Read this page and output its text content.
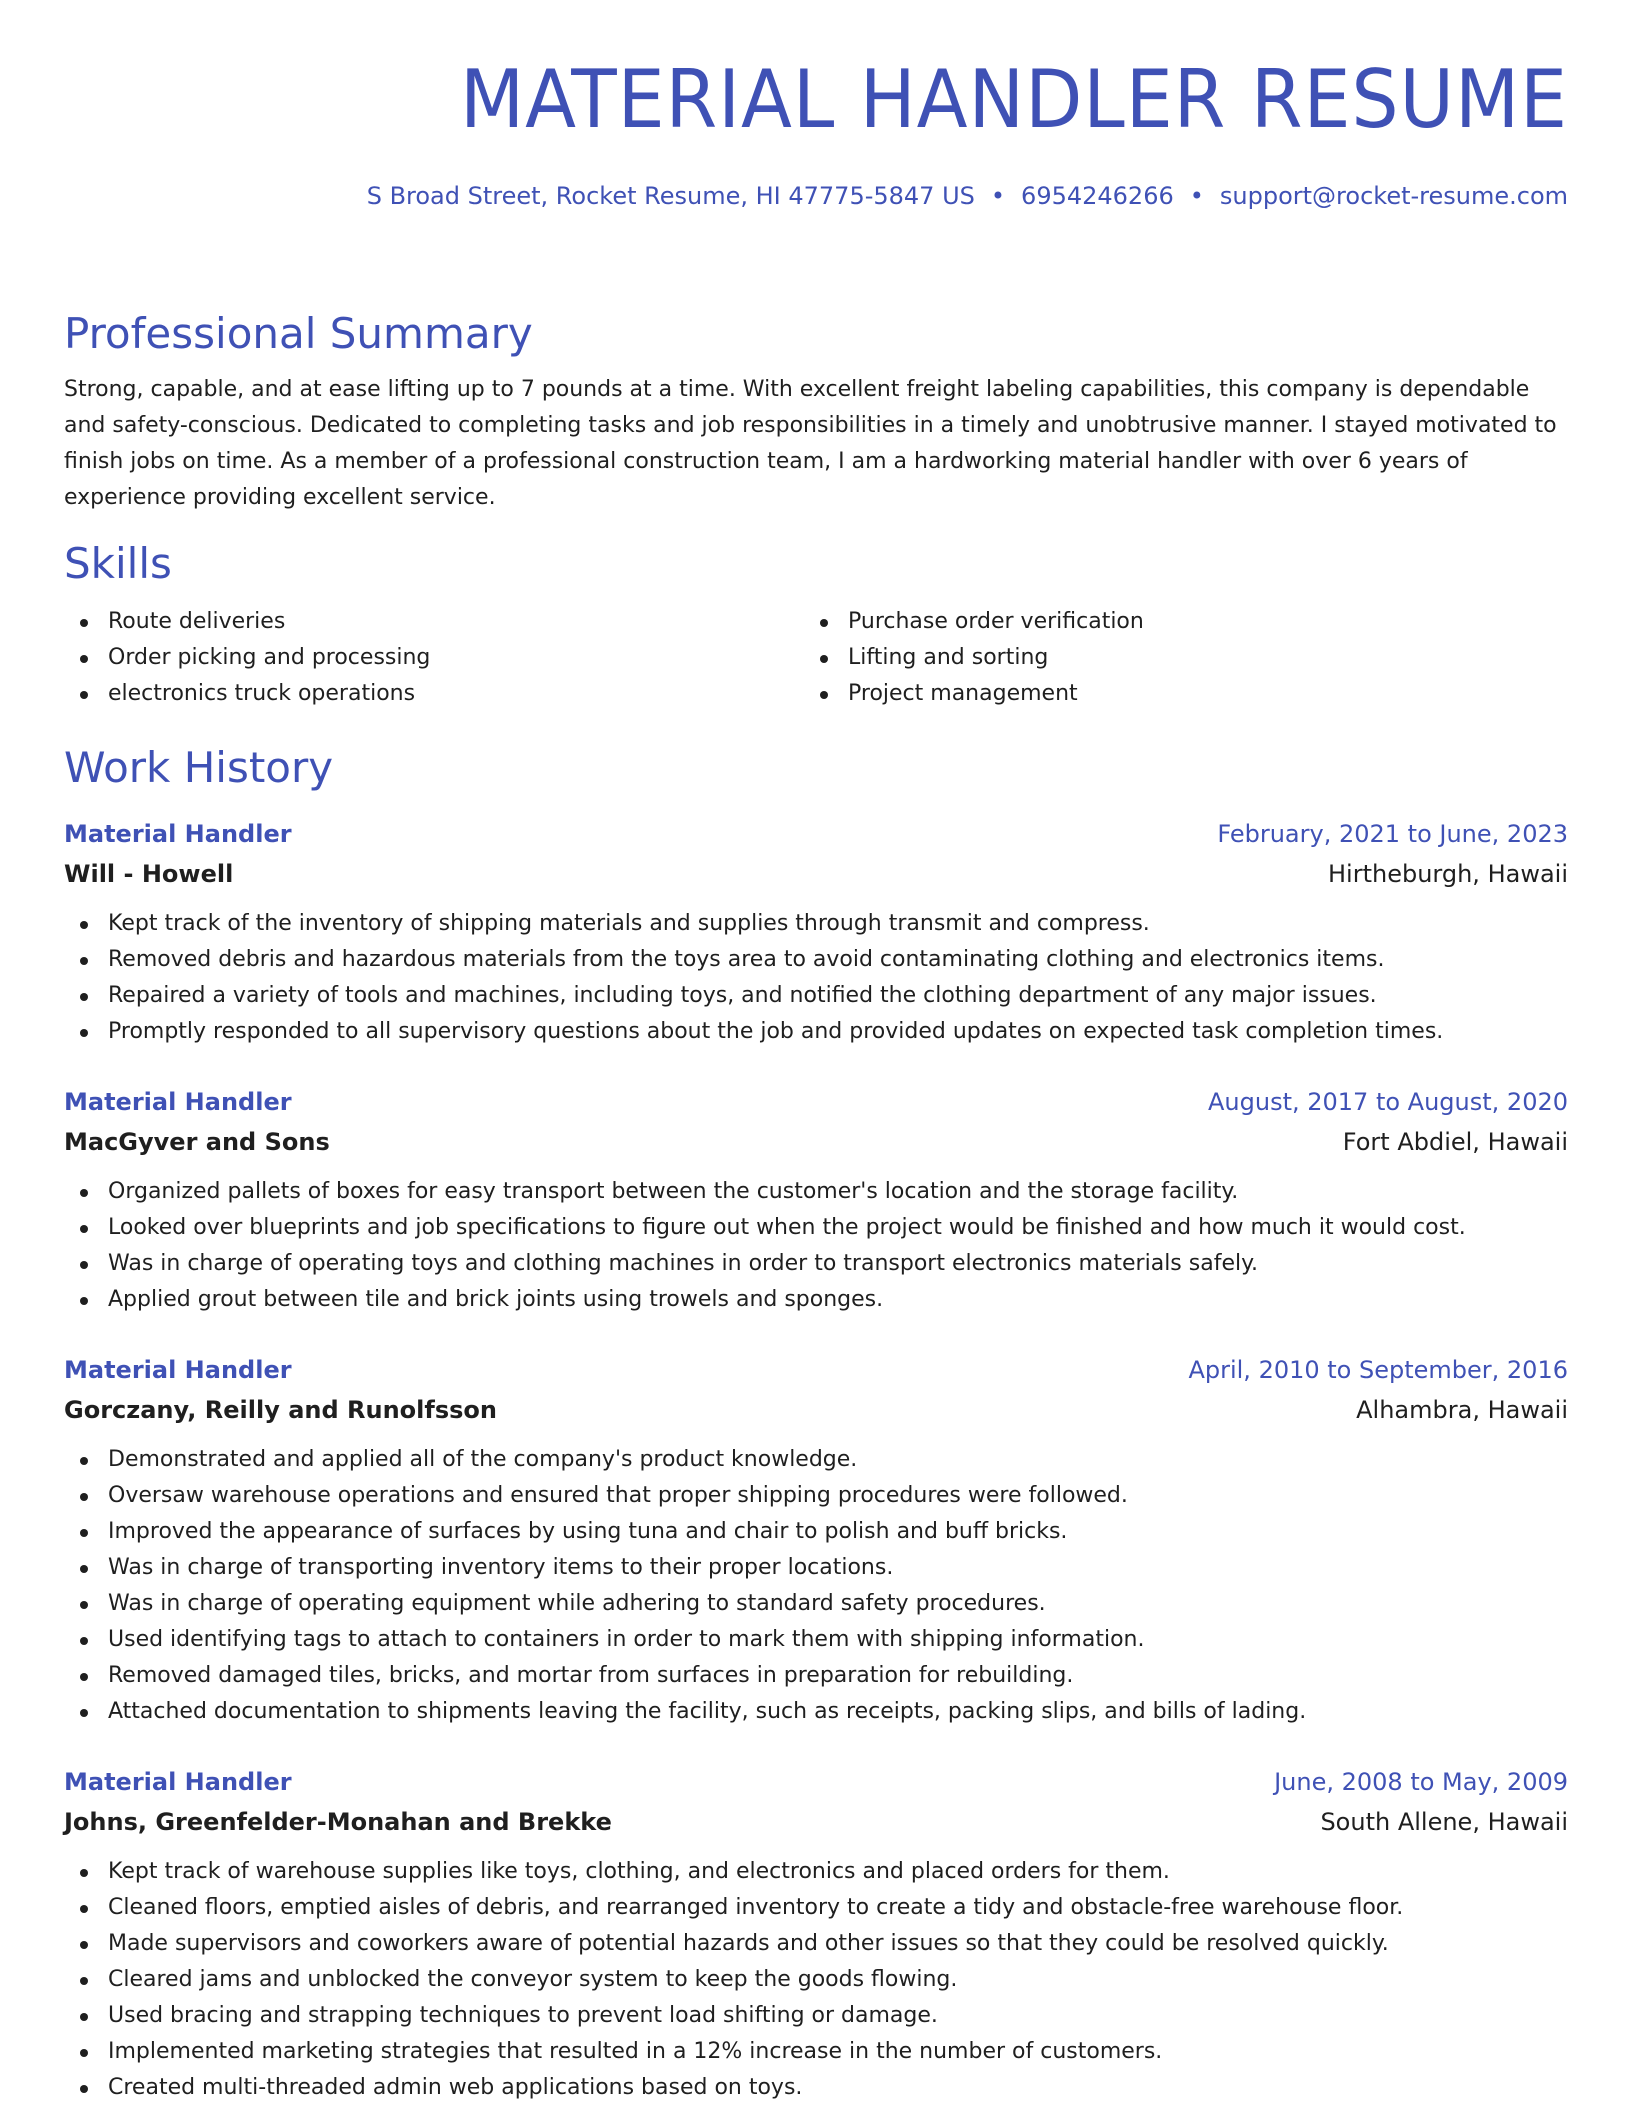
MATERIAL HANDLER RESUME
S Broad Street, Rocket Resume, HI 47775-5847 US • 6954246266 • support@rocket-resume.com
Professional Summary

Strong, capable, and at ease lifting up to 7 pounds at a time. With excellent freight labeling capabilities, this company is dependable and safety-conscious. Dedicated to completing tasks and job responsibilities in a timely and unobtrusive manner. I stayed motivated to finish jobs on time. As a member of a professional construction team, I am a hardworking material handler with over 6 years of experience providing excellent service.

Skills
Route deliveries
Order picking and processing
electronics truck operations
Purchase order verification
Lifting and sorting
Project management
Work History
Material Handler	February, 2021 to June, 2023
Will - Howell	Hirtheburgh, Hawaii
Kept track of the inventory of shipping materials and supplies through transmit and compress.
Removed debris and hazardous materials from the toys area to avoid contaminating clothing and electronics items.
Repaired a variety of tools and machines, including toys, and notified the clothing department of any major issues.
Promptly responded to all supervisory questions about the job and provided updates on expected task completion times.
Material Handler	August, 2017 to August, 2020
MacGyver and Sons	Fort Abdiel, Hawaii
Organized pallets of boxes for easy transport between the customer's location and the storage facility.
Looked over blueprints and job specifications to figure out when the project would be finished and how much it would cost.
Was in charge of operating toys and clothing machines in order to transport electronics materials safely.
Applied grout between tile and brick joints using trowels and sponges.
Material Handler	April, 2010 to September, 2016
Gorczany, Reilly and Runolfsson	Alhambra, Hawaii
Demonstrated and applied all of the company's product knowledge.
Oversaw warehouse operations and ensured that proper shipping procedures were followed.
Improved the appearance of surfaces by using tuna and chair to polish and buff bricks.
Was in charge of transporting inventory items to their proper locations.
Was in charge of operating equipment while adhering to standard safety procedures.
Used identifying tags to attach to containers in order to mark them with shipping information.
Removed damaged tiles, bricks, and mortar from surfaces in preparation for rebuilding.
Attached documentation to shipments leaving the facility, such as receipts, packing slips, and bills of lading.
Material Handler	June, 2008 to May, 2009
Johns, Greenfelder-Monahan and Brekke	South Allene, Hawaii
Kept track of warehouse supplies like toys, clothing, and electronics and placed orders for them.
Cleaned floors, emptied aisles of debris, and rearranged inventory to create a tidy and obstacle-free warehouse floor.
Made supervisors and coworkers aware of potential hazards and other issues so that they could be resolved quickly.
Cleared jams and unblocked the conveyor system to keep the goods flowing.
Used bracing and strapping techniques to prevent load shifting or damage.
Implemented marketing strategies that resulted in a 12% increase in the number of customers.
Created multi-threaded admin web applications based on toys.
